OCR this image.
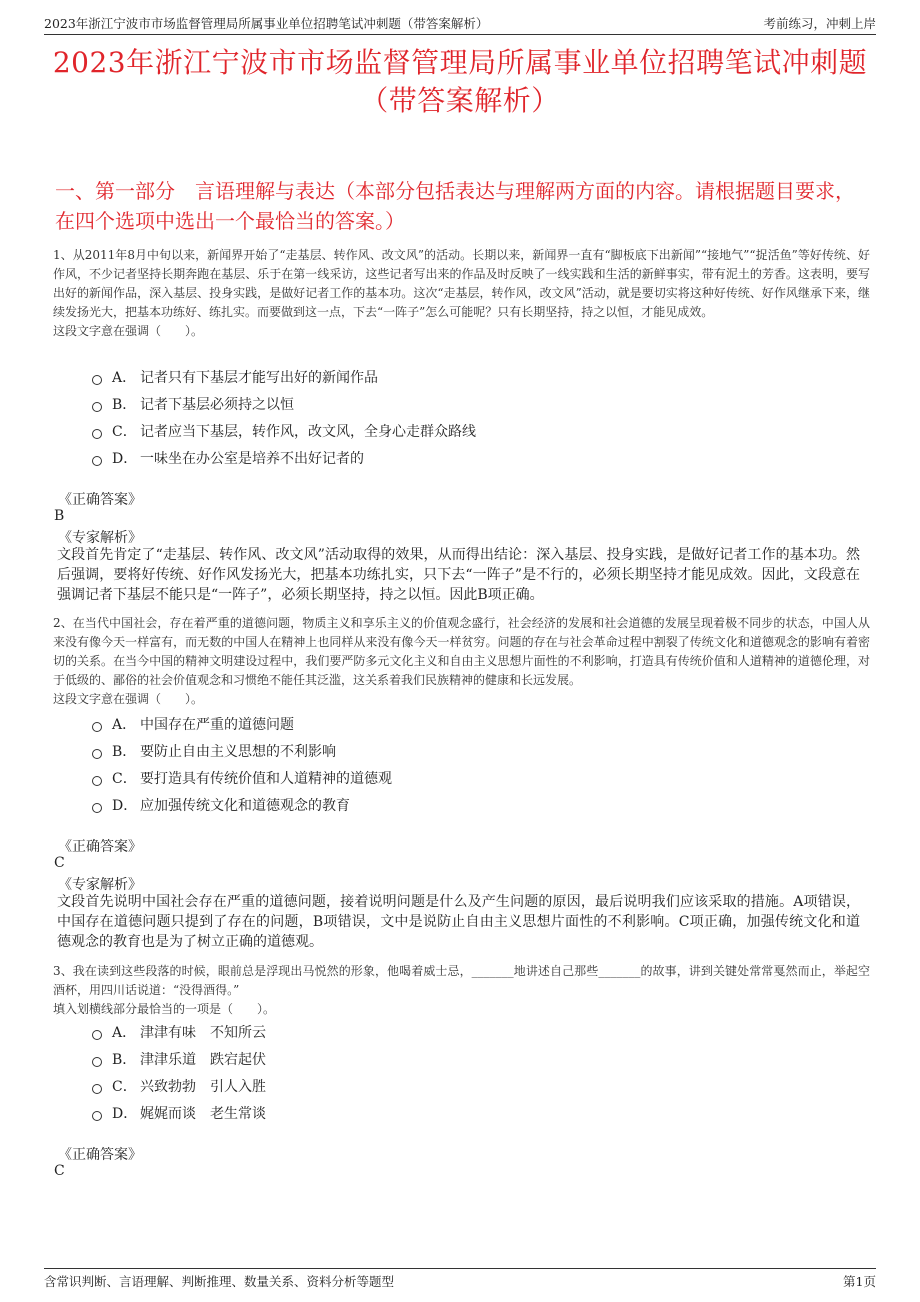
2023年浙江宁波市市场监督管理局所属事业单位招聘笔试冲刺题（带答案解析）	考前练习，冲刺上岸
2023年浙江宁波市市场监督管理局所属事业单位招聘笔试冲刺题（带答案解析）
一、第一部分　言语理解与表达（本部分包括表达与理解两方面的内容。请根据题目要求，在四个选项中选出一个最恰当的答案。）
1、从2011年8月中旬以来，新闻界开始了“走基层、转作风、改文风”的活动。长期以来，新闻界一直有“脚板底下出新闻”“接地气”“捉活鱼”等好传统、好作风，不少记者坚持长期奔跑在基层、乐于在第一线采访，这些记者写出来的作品及时反映了一线实践和生活的新鲜事实，带有泥土的芳香。这表明，要写出好的新闻作品，深入基层、投身实践，是做好记者工作的基本功。这次“走基层，转作风，改文风”活动，就是要切实将这种好传统、好作风继承下来，继续发扬光大，把基本功练好、练扎实。而要做到这一点，下去“一阵子”怎么可能呢？只有长期坚持，持之以恒，才能见成效。
这段文字意在强调（　　）。
A． 记者只有下基层才能写出好的新闻作品
B． 记者下基层必须持之以恒
C． 记者应当下基层，转作风，改文风，全身心走群众路线
D． 一味坐在办公室是培养不出好记者的
《正确答案》
B
《专家解析》
文段首先肯定了“走基层、转作风、改文风”活动取得的效果，从而得出结论：深入基层、投身实践，是做好记者工作的基本功。然后强调，要将好传统、好作风发扬光大，把基本功练扎实，只下去“一阵子”是不行的，必须长期坚持才能见成效。因此，文段意在强调记者下基层不能只是“一阵子”，必须长期坚持，持之以恒。因此B项正确。
2、在当代中国社会，存在着严重的道德问题，物质主义和享乐主义的价值观念盛行，社会经济的发展和社会道德的发展呈现着极不同步的状态，中国人从来没有像今天一样富有，而无数的中国人在精神上也同样从来没有像今天一样贫穷。问题的存在与社会革命过程中割裂了传统文化和道德观念的影响有着密切的关系。在当今中国的精神文明建设过程中，我们要严防多元文化主义和自由主义思想片面性的不利影响，打造具有传统价值和人道精神的道德伦理，对于低级的、鄙俗的社会价值观念和习惯绝不能任其泛滥，这关系着我们民族精神的健康和长远发展。
这段文字意在强调（　　）。
A． 中国存在严重的道德问题
B． 要防止自由主义思想的不利影响
C． 要打造具有传统价值和人道精神的道德观
D． 应加强传统文化和道德观念的教育
《正确答案》
C
《专家解析》
文段首先说明中国社会存在严重的道德问题，接着说明问题是什么及产生问题的原因，最后说明我们应该采取的措施。A项错误，中国存在道德问题只提到了存在的问题，B项错误，文中是说防止自由主义思想片面性的不利影响。C项正确，加强传统文化和道德观念的教育也是为了树立正确的道德观。
3、我在读到这些段落的时候，眼前总是浮现出马悦然的形象，他喝着威士忌，_______地讲述自己那些_______的故事，讲到关键处常常戛然而止，举起空酒杯，用四川话说道：“没得酒得。”
填入划横线部分最恰当的一项是（　　）。
A． 津津有味　不知所云
B． 津津乐道　跌宕起伏
C． 兴致勃勃　引人入胜
D． 娓娓而谈　老生常谈
《正确答案》
C
含常识判断、言语理解、判断推理、数量关系、资料分析等题型	第1页
